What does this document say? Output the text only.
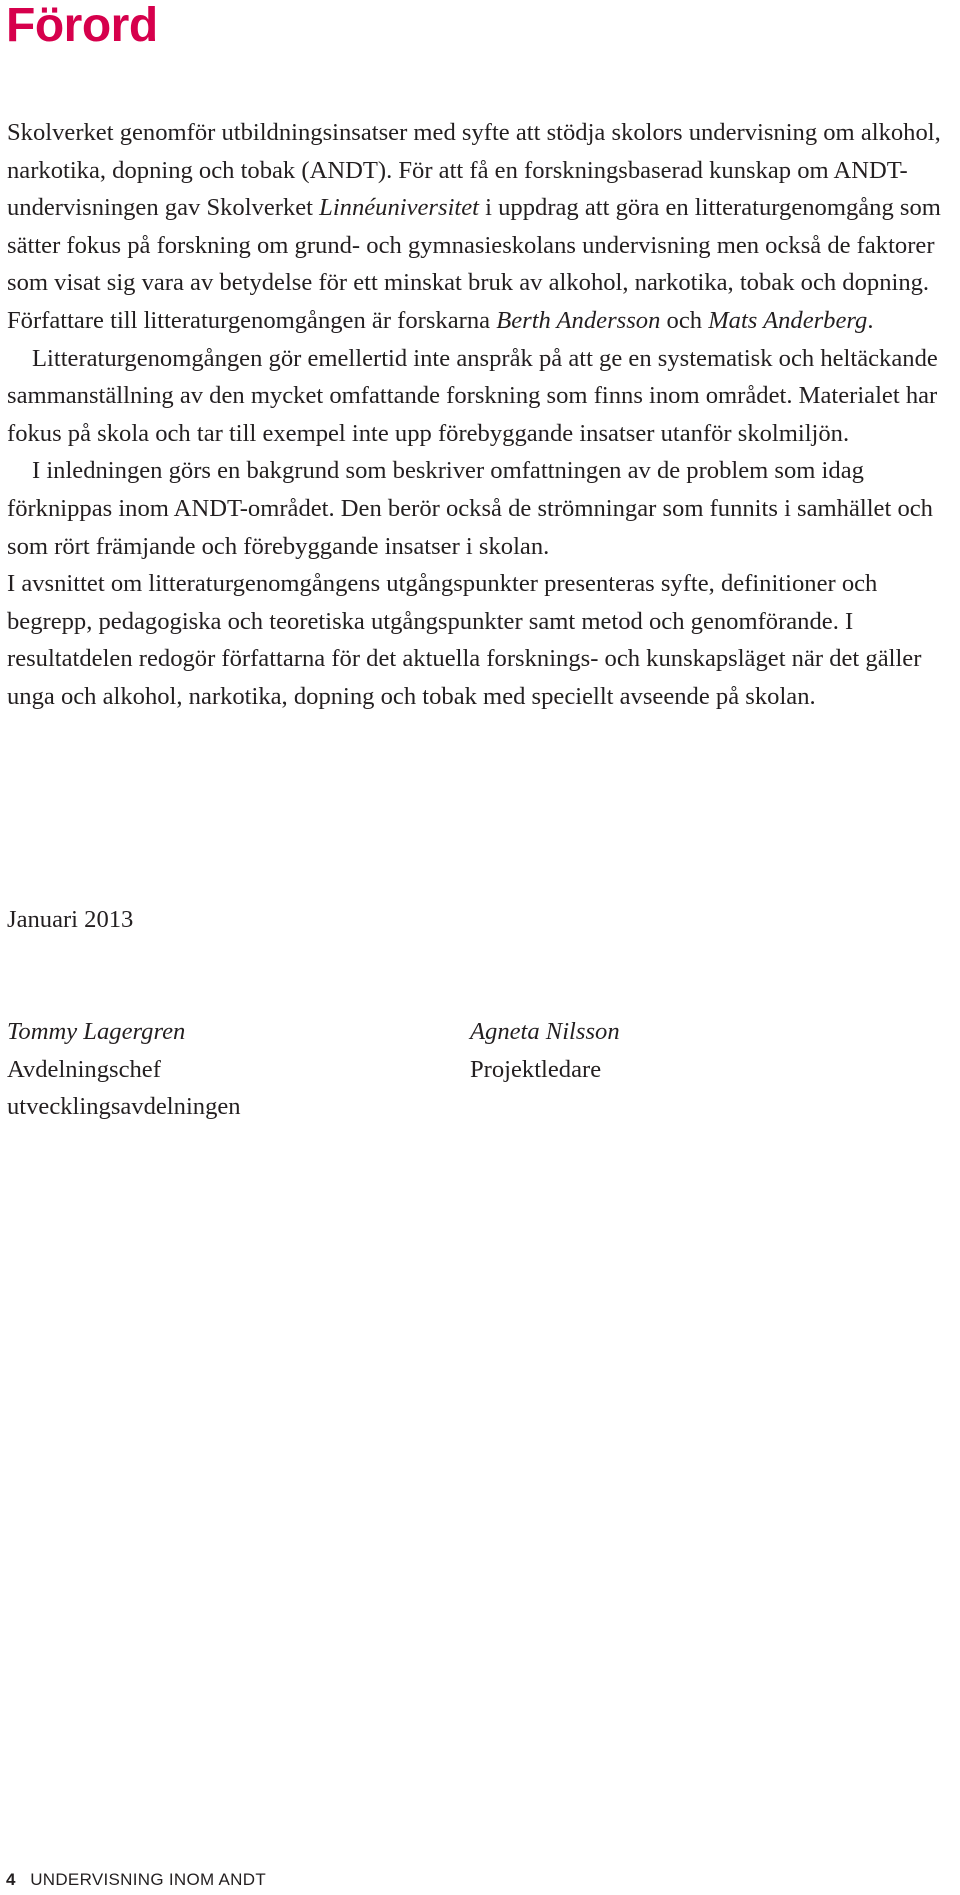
Förord

Skolverket genomför utbildningsinsatser med syfte att stödja skolors undervisning om alkohol, narkotika, dopning och tobak (ANDT). För att få en forskningsbaserad kunskap om ANDT-undervisningen gav Skolverket Linnéuniversitet i uppdrag att göra en litteraturgenomgång som sätter fokus på forskning om grund- och gymnasieskolans undervisning men också de faktorer som visat sig vara av betydelse för ett minskat bruk av alkohol, narkotika, tobak och dopning. Författare till litteraturgenomgången är forskarna Berth Andersson och Mats Anderberg.

Litteraturgenomgången gör emellertid inte anspråk på att ge en systematisk och heltäckande sammanställning av den mycket omfattande forskning som finns inom området. Materialet har fokus på skola och tar till exempel inte upp förebyggande insatser utanför skolmiljön.

I inledningen görs en bakgrund som beskriver omfattningen av de problem som idag förknippas inom ANDT-området. Den berör också de strömningar som funnits i samhället och som rört främjande och förebyggande insatser i skolan.

I avsnittet om litteraturgenomgångens utgångspunkter presenteras syfte, definitioner och begrepp, pedagogiska och teoretiska utgångspunkter samt metod och genomförande. I resultatdelen redogör författarna för det aktuella forsknings- och kunskapsläget när det gäller unga och alkohol, narkotika, dopning och tobak med speciellt avseende på skolan.

Januari 2013

Tommy Lagergren
Avdelningschef
utvecklingsavdelningen
Agneta Nilsson
Projektledare
4 UNDERVISNING INOM ANDT
